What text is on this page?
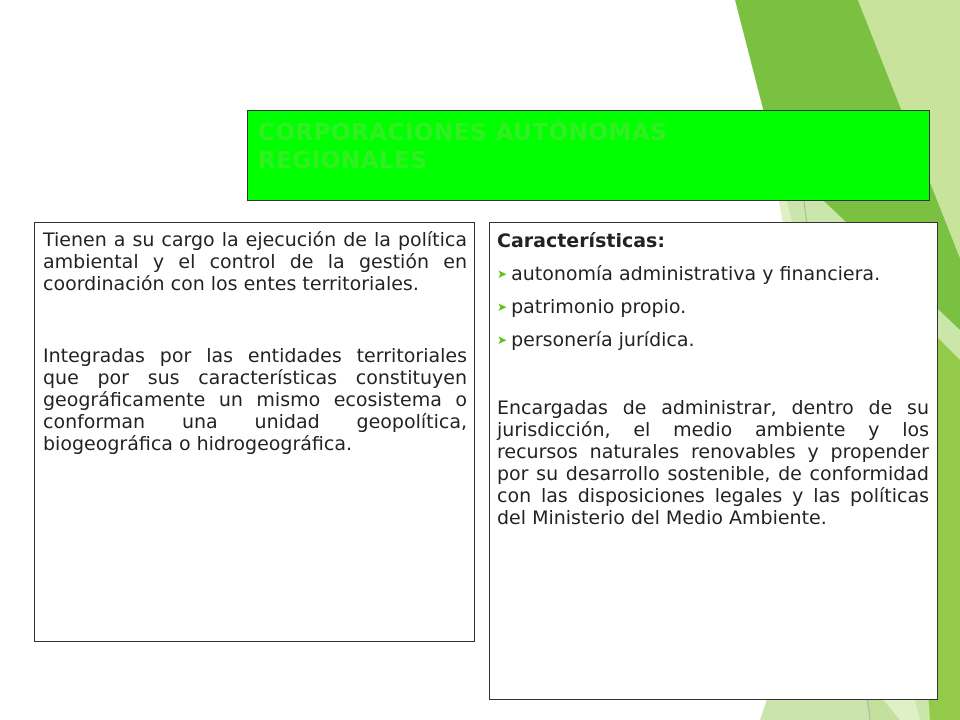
CORPORACIONES AUTÓNOMAS REGIONALES

Tienen a su cargo la ejecución de la política ambiental y el control de la gestión en coordinación con los entes territoriales.

Integradas por las entidades territoriales que por sus características constituyen geográficamente un mismo ecosistema o conforman una unidad geopolítica, biogeográfica o hidrogeográfica.

Características:

➤ autonomía administrativa y financiera.
➤ patrimonio propio.
➤ personería jurídica.

Encargadas de administrar, dentro de su jurisdicción, el medio ambiente y los recursos naturales renovables y propender por su desarrollo sostenible, de conformidad con las disposiciones legales y las políticas del Ministerio del Medio Ambiente.
